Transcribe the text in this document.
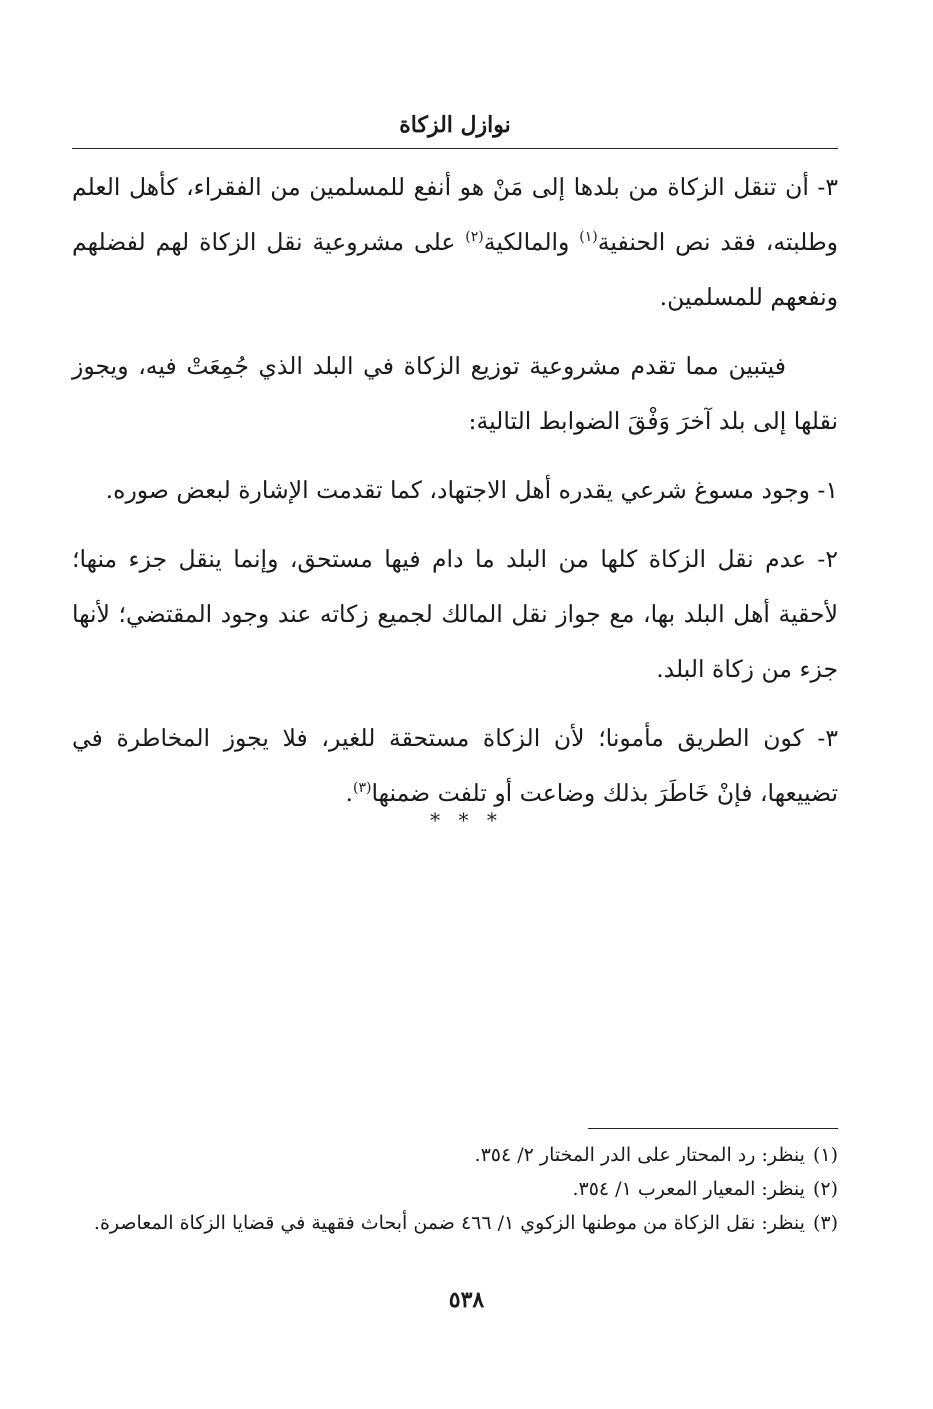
نوازل الزكاة

٣- أن تنقل الزكاة من بلدها إلى مَنْ هو أنفع للمسلمين من الفقراء، كأهل العلم وطلبته، فقد نص الحنفية$^{(١)}$ والمالكية$^{(٢)}$ على مشروعية نقل الزكاة لهم لفضلهم ونفعهم للمسلمين.

فيتبين مما تقدم مشروعية توزيع الزكاة في البلد الذي جُمِعَتْ فيه، ويجوز نقلها إلى بلد آخرَ وَفْقَ الضوابط التالية:

١- وجود مسوغ شرعي يقدره أهل الاجتهاد، كما تقدمت الإشارة لبعض صوره.

٢- عدم نقل الزكاة كلها من البلد ما دام فيها مستحق، وإنما ينقل جزء منها؛ لأحقية أهل البلد بها، مع جواز نقل المالك لجميع زكاته عند وجود المقتضي؛ لأنها جزء من زكاة البلد.

٣- كون الطريق مأمونا؛ لأن الزكاة مستحقة للغير، فلا يجوز المخاطرة في تضييعها، فإنْ خَاطَرَ بذلك وضاعت أو تلفت ضمنها$^{(٣)}$.

* * *

(١)ينظر: رد المحتار على الدر المختار ٢/ ٣٥٤.

(٢)ينظر: المعيار المعرب ١/ ٣٥٤.

(٣)ينظر: نقل الزكاة من موطنها الزكوي ١/ ٤٦٦ ضمن أبحاث فقهية في قضايا الزكاة المعاصرة.

٥٣٨
